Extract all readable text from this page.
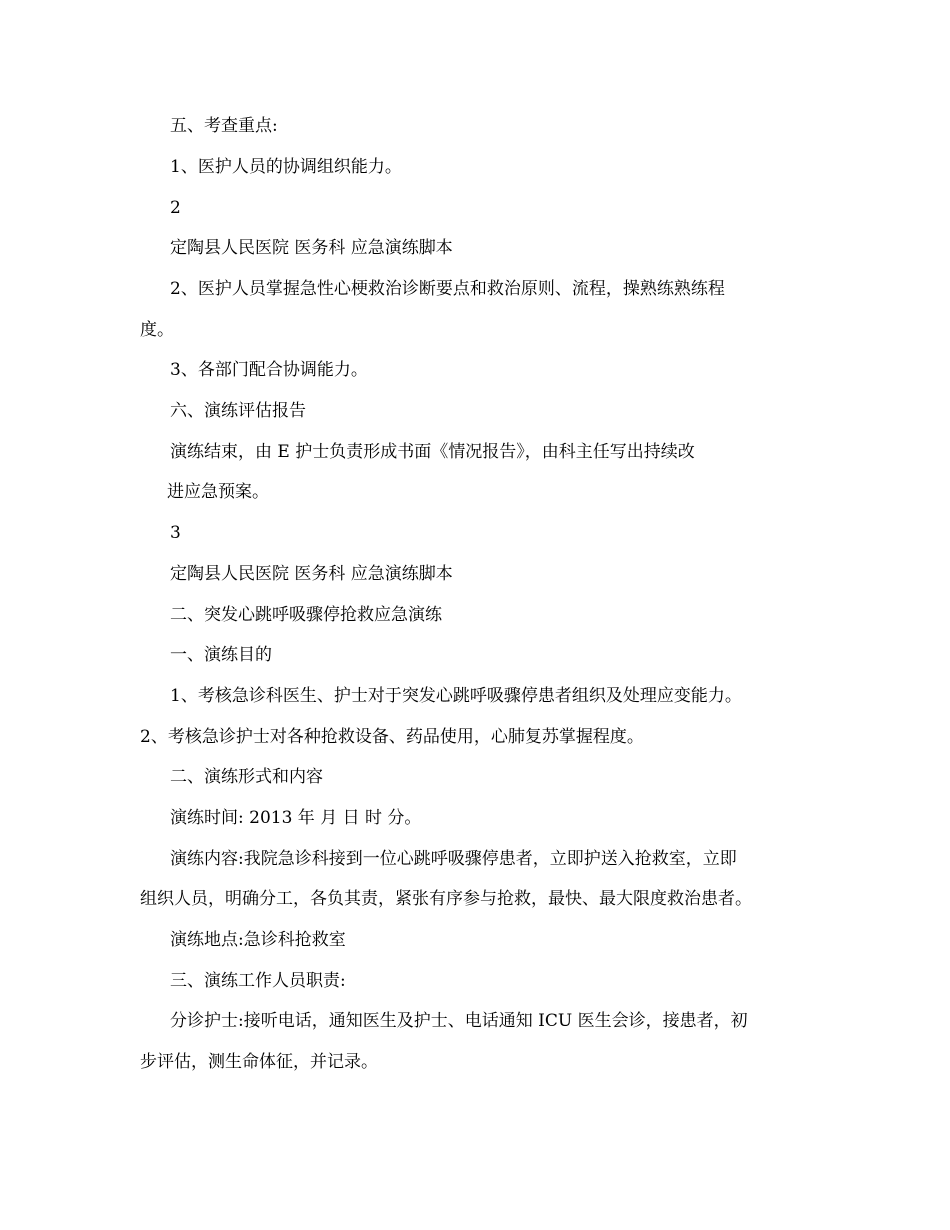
五、考查重点:
1、医护人员的协调组织能力。
2
定陶县人民医院 医务科 应急演练脚本
2、医护人员掌握急性心梗救治诊断要点和救治原则、流程，操熟练熟练程
度。
3、各部门配合协调能力。
六、演练评估报告
演练结束，由 E 护士负责形成书面《情况报告》，由科主任写出持续改
进应急预案。
3
定陶县人民医院 医务科 应急演练脚本
二、突发心跳呼吸骤停抢救应急演练
一、演练目的
1、考核急诊科医生、护士对于突发心跳呼吸骤停患者组织及处理应变能力。
2、考核急诊护士对各种抢救设备、药品使用，心肺复苏掌握程度。
二、演练形式和内容
演练时间: 2013 年 月 日 时 分。
演练内容:我院急诊科接到一位心跳呼吸骤停患者，立即护送入抢救室，立即
组织人员，明确分工，各负其责，紧张有序参与抢救，最快、最大限度救治患者。
演练地点:急诊科抢救室
三、演练工作人员职责:
分诊护士:接听电话，通知医生及护士、电话通知 ICU 医生会诊，接患者，初
步评估，测生命体征，并记录。
